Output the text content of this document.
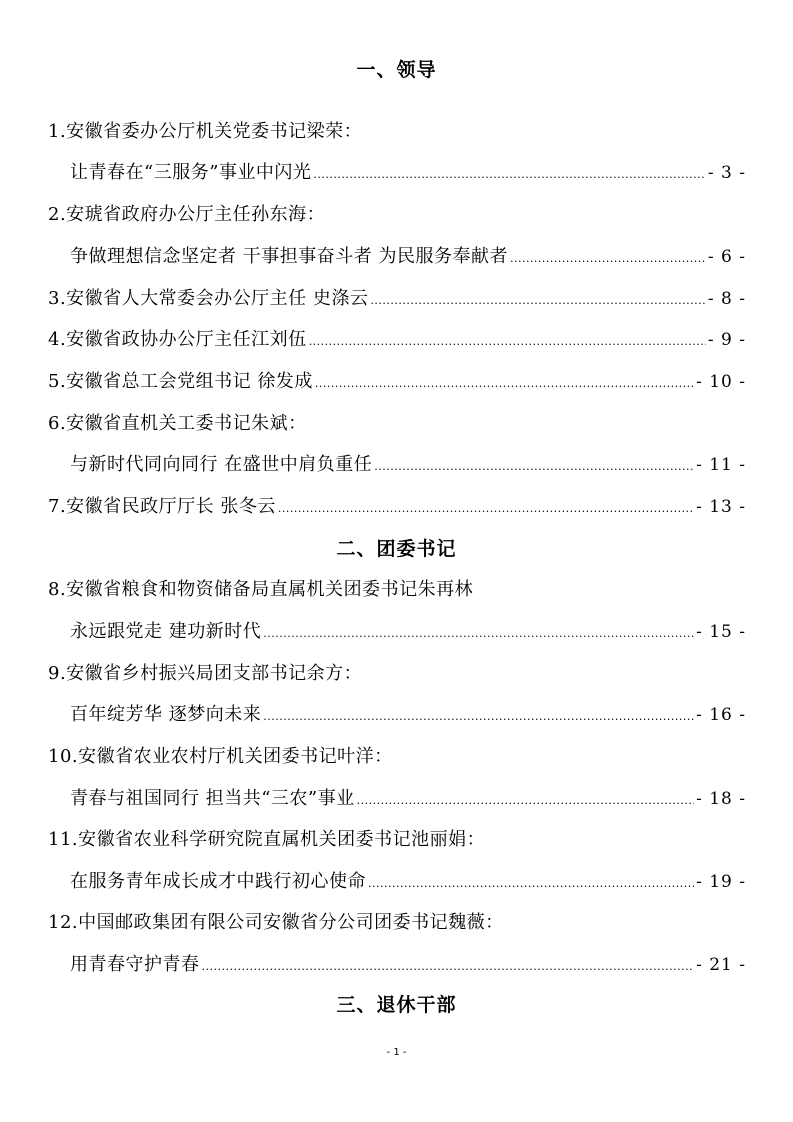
一、领导
1.安徽省委办公厅机关党委书记梁荣：
让青春在“三服务”事业中闪光 .....	- 3 -
2.安琥省政府办公厅主任孙东海：
争做理想信念坚定者 干事担事奋斗者 为民服务奉献者 .....	- 6 -
3.安徽省人大常委会办公厅主任 史涤云 .....	- 8 -
4.安徽省政协办公厅主任江刘伍 .....	- 9 -
5.安徽省总工会党组书记 徐发成 .....	- 10 -
6.安徽省直机关工委书记朱斌：
与新时代同向同行 在盛世中肩负重任 .....	- 11 -
7.安徽省民政厅厅长 张冬云 .....	- 13 -
二、团委书记
8.安徽省粮食和物资储备局直属机关团委书记朱再林
永远跟党走 建功新时代 .....	- 15 -
9.安徽省乡村振兴局团支部书记余方：
百年绽芳华 逐梦向未来 .....	- 16 -
10.安徽省农业农村厅机关团委书记叶洋：
青春与祖国同行 担当共“三农”事业 .....	- 18 -
11.安徽省农业科学研究院直属机关团委书记池丽娟：
在服务青年成长成才中践行初心使命 .....	- 19 -
12.中国邮政集团有限公司安徽省分公司团委书记魏薇：
用青春守护青春 .....	- 21 -
三、退休干部
- 1 -
